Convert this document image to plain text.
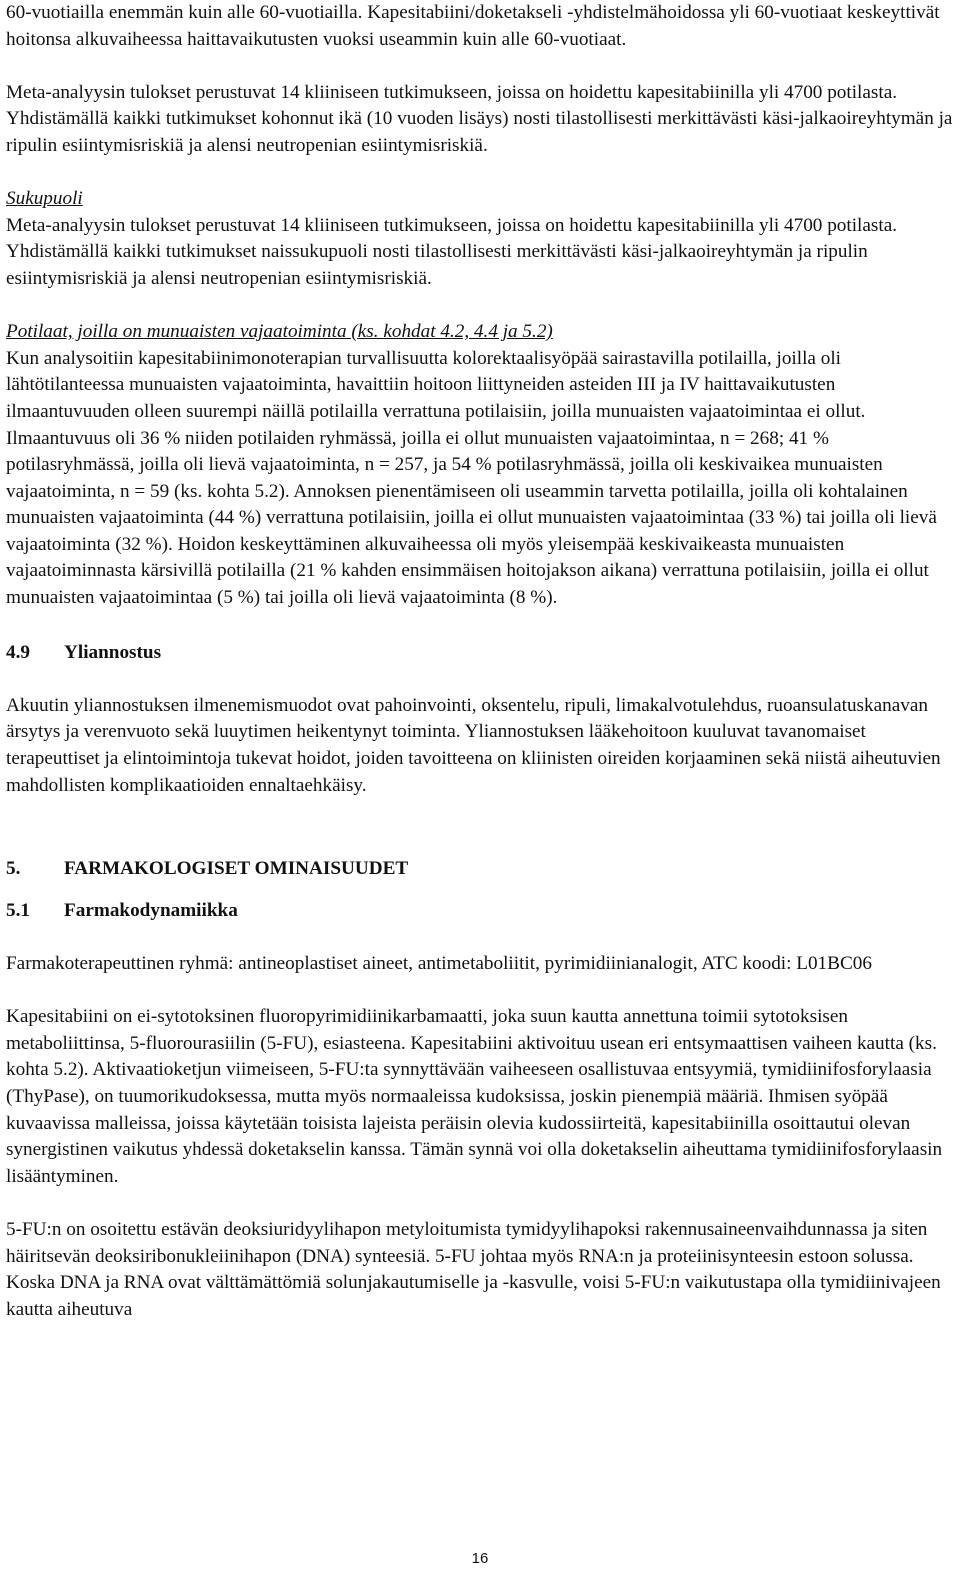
60-vuotiailla enemmän kuin alle 60-vuotiailla. Kapesitabiini/doketakseli -yhdistelmähoidossa yli 60-vuotiaat keskeyttivät hoitonsa alkuvaiheessa haittavaikutusten vuoksi useammin kuin alle 60-vuotiaat.

Meta-analyysin tulokset perustuvat 14 kliiniseen tutkimukseen, joissa on hoidettu kapesitabiinilla yli 4700 potilasta. Yhdistämällä kaikki tutkimukset kohonnut ikä (10 vuoden lisäys) nosti tilastollisesti merkittävästi käsi-jalkaoireyhtymän ja ripulin esiintymisriskiä ja alensi neutropenian esiintymisriskiä.

Sukupuoli

Meta-analyysin tulokset perustuvat 14 kliiniseen tutkimukseen, joissa on hoidettu kapesitabiinilla yli 4700 potilasta. Yhdistämällä kaikki tutkimukset naissukupuoli nosti tilastollisesti merkittävästi käsi-jalkaoireyhtymän ja ripulin esiintymisriskiä ja alensi neutropenian esiintymisriskiä.

Potilaat, joilla on munuaisten vajaatoiminta (ks. kohdat 4.2, 4.4 ja 5.2)

Kun analysoitiin kapesitabiinimonoterapian turvallisuutta kolorektaalisyöpää sairastavilla potilailla, joilla oli lähtötilanteessa munuaisten vajaatoiminta, havaittiin hoitoon liittyneiden asteiden III ja IV haittavaikutusten ilmaantuvuuden olleen suurempi näillä potilailla verrattuna potilaisiin, joilla munuaisten vajaatoimintaa ei ollut. Ilmaantuvuus oli 36 % niiden potilaiden ryhmässä, joilla ei ollut munuaisten vajaatoimintaa, n = 268; 41 % potilasryhmässä, joilla oli lievä vajaatoiminta, n = 257, ja 54 % potilasryhmässä, joilla oli keskivaikea munuaisten vajaatoiminta, n = 59 (ks. kohta 5.2). Annoksen pienentämiseen oli useammin tarvetta potilailla, joilla oli kohtalainen munuaisten vajaatoiminta (44 %) verrattuna potilaisiin, joilla ei ollut munuaisten vajaatoimintaa (33 %) tai joilla oli lievä vajaatoiminta (32 %). Hoidon keskeyttäminen alkuvaiheessa oli myös yleisempää keskivaikeasta munuaisten vajaatoiminnasta kärsivillä potilailla (21 % kahden ensimmäisen hoitojakson aikana) verrattuna potilaisiin, joilla ei ollut munuaisten vajaatoimintaa (5 %) tai joilla oli lievä vajaatoiminta (8 %).

4.9 Yliannostus

Akuutin yliannostuksen ilmenemismuodot ovat pahoinvointi, oksentelu, ripuli, limakalvotulehdus, ruoansulatuskanavan ärsytys ja verenvuoto sekä luuytimen heikentynyt toiminta. Yliannostuksen lääkehoitoon kuuluvat tavanomaiset terapeuttiset ja elintoimintoja tukevat hoidot, joiden tavoitteena on kliinisten oireiden korjaaminen sekä niistä aiheutuvien mahdollisten komplikaatioiden ennaltaehkäisy.

5. FARMAKOLOGISET OMINAISUUDET

5.1 Farmakodynamiikka

Farmakoterapeuttinen ryhmä: antineoplastiset aineet, antimetaboliitit, pyrimidiinianalogit, ATC koodi: L01BC06

Kapesitabiini on ei-sytotoksinen fluoropyrimidiinikarbamaatti, joka suun kautta annettuna toimii sytotoksisen metaboliittinsa, 5-fluorourasiilin (5-FU), esiasteena. Kapesitabiini aktivoituu usean eri entsymaattisen vaiheen kautta (ks. kohta 5.2). Aktivaatioketjun viimeiseen, 5-FU:ta synnyttävään vaiheeseen osallistuvaa entsyymiä, tymidiinifosforylaasia (ThyPase), on tuumorikudoksessa, mutta myös normaaleissa kudoksissa, joskin pienempiä määriä. Ihmisen syöpää kuvaavissa malleissa, joissa käytetään toisista lajeista peräisin olevia kudossiirteitä, kapesitabiinilla osoittautui olevan synergistinen vaikutus yhdessä doketakselin kanssa. Tämän synnä voi olla doketakselin aiheuttama tymidiinifosforylaasin lisääntyminen.

5-FU:n on osoitettu estävän deoksiuridyylihapon metyloitumista tymidyylihapoksi rakennusaineenvaihdunnassa ja siten häiritsevän deoksiribonukleiinihapon (DNA) synteesiä. 5-FU johtaa myös RNA:n ja proteiinisynteesin estoon solussa. Koska DNA ja RNA ovat välttämättömiä solunjakautumiselle ja -kasvulle, voisi 5-FU:n vaikutustapa olla tymidiinivajeen kautta aiheutuva

16
